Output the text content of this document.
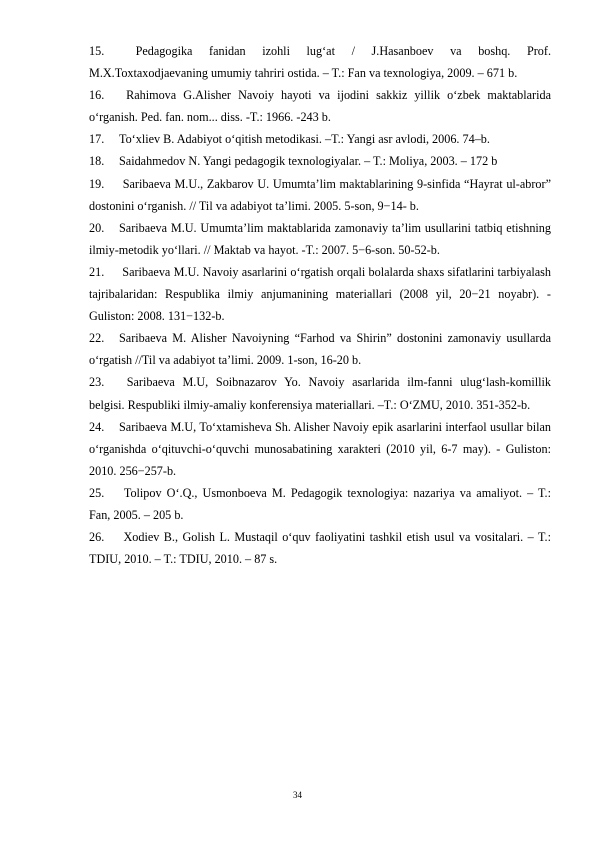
15. Pedagogika fanidan izohli lug‘at / J.Hasanboev va boshq. Prof. M.X.Toxtaxodjaevaning umumiy tahriri ostida. – T.: Fan va texnologiya, 2009. – 671 b.

16. Rahimova G.Alisher Navoiy hayoti va ijodini sakkiz yillik o‘zbek maktablarida o‘rganish. Ped. fan. nom... diss. -T.: 1966. -243 b.

17. To‘xliev B. Adabiyot o‘qitish metodikasi. –T.: Yangi asr avlodi, 2006. 74–b.

18. Saidahmedov N. Yangi pedagogik texnologiyalar. – T.: Moliya, 2003. – 172 b

19. Saribaeva M.U., Zakbarov U. Umumta’lim maktablarining 9-sinfida “Hayrat ul-abror” dostonini o‘rganish. // Til va adabiyot ta’limi. 2005. 5-son, 9−14- b.

20. Saribaeva M.U. Umumta’lim maktablarida zamonaviy ta’lim usullarini tatbiq etishning ilmiy-metodik yo‘llari. // Maktab va hayot. -T.: 2007. 5−6-son. 50-52-b.

21. Saribaeva M.U. Navoiy asarlarini o‘rgatish orqali bolalarda shaxs sifatlarini tarbiyalash tajribalaridan: Respublika ilmiy anjumanining materiallari (2008 yil, 20−21 noyabr). - Guliston: 2008. 131−132-b.

22. Saribaeva M. Alisher Navoiyning “Farhod va Shirin” dostonini zamonaviy usullarda o‘rgatish //Til va adabiyot ta’limi. 2009. 1-son, 16-20 b.

23. Saribaeva M.U, Soibnazarov Yo. Navoiy asarlarida ilm-fanni ulug‘lash-komillik belgisi. Respubliki ilmiy-amaliy konferensiya materiallari. –T.: O‘ZMU, 2010. 351-352-b.

24. Saribaeva M.U, To‘xtamisheva Sh. Alisher Navoiy epik asarlarini interfaol usullar bilan o‘rganishda o‘qituvchi-o‘quvchi munosabatining xarakteri (2010 yil, 6-7 may). - Guliston: 2010. 256−257-b.

25. Tolipov O‘.Q., Usmonboeva M. Pedagogik texnologiya: nazariya va amaliyot. – T.: Fan, 2005. – 205 b.

26. Xodiev B., Golish L. Mustaqil o‘quv faoliyatini tashkil etish usul va vositalari. – T.: TDIU, 2010. – T.: TDIU, 2010. – 87 s.

34
